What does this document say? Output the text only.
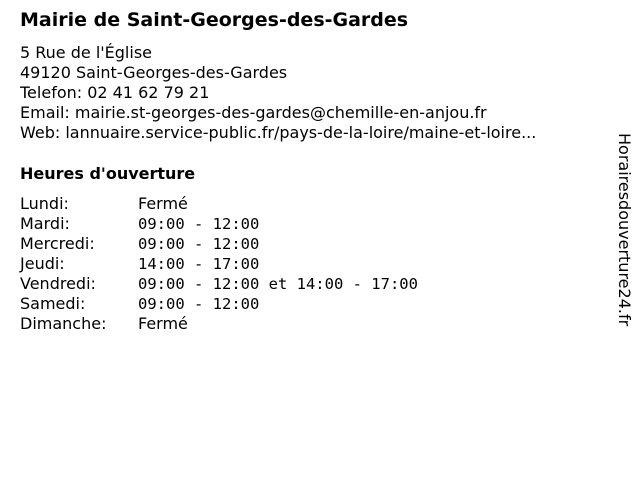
Mairie de Saint-Georges-des-Gardes
5 Rue de l'Église
49120 Saint-Georges-des-Gardes
Telefon: 02 41 62 79 21
Email: mairie.st-georges-des-gardes@chemille-en-anjou.fr
Web: lannuaire.service-public.fr/pays-de-la-loire/maine-et-loire...
Heures d'ouverture
Lundi:	Fermé
Mardi:	09:00 - 12:00
Mercredi:	09:00 - 12:00
Jeudi:	14:00 - 17:00
Vendredi:	09:00 - 12:00 et 14:00 - 17:00
Samedi:	09:00 - 12:00
Dimanche:	Fermé	Horairesdouverture24.fr
